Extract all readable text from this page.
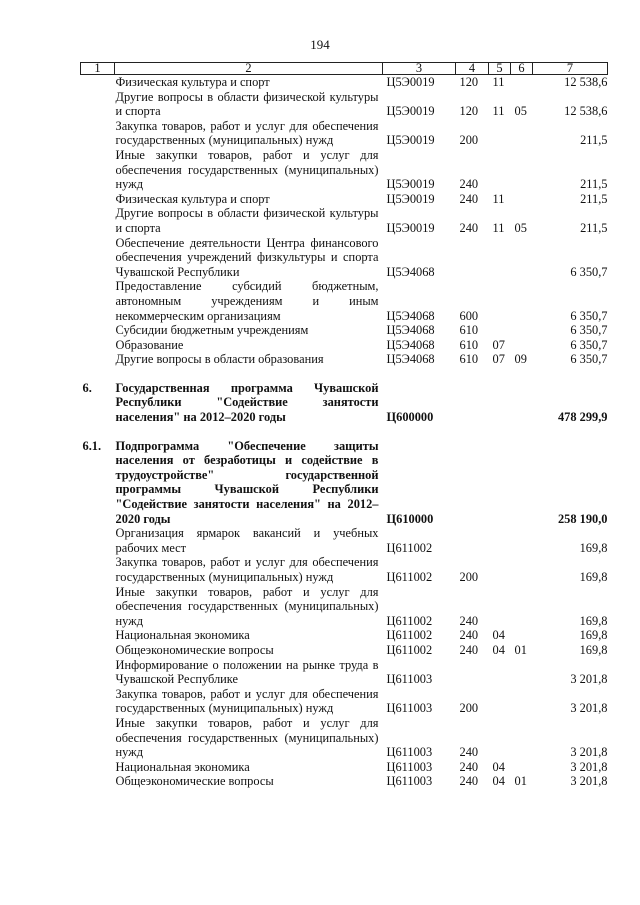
194
1	2	3	4	5	6	7
	Физическая культура и спорт	Ц5Э0019	120	11		12 538,6
	Другие вопросы в области физической культуры и спорта	Ц5Э0019	120	11	05	12 538,6
	Закупка товаров, работ и услуг для обеспечения государственных (муниципальных) нужд	Ц5Э0019	200			211,5
	Иные закупки товаров, работ и услуг для обеспечения государственных (муниципальных) нужд	Ц5Э0019	240			211,5
	Физическая культура и спорт	Ц5Э0019	240	11		211,5
	Другие вопросы в области физической культуры и спорта	Ц5Э0019	240	11	05	211,5
	Обеспечение деятельности Центра финансового обеспечения учреждений физкультуры и спорта Чувашской Республики	Ц5Э4068				6 350,7
	Предоставление субсидий бюджетным, автономным учреждениям и иным некоммерческим организациям	Ц5Э4068	600			6 350,7
	Субсидии бюджетным учреждениям	Ц5Э4068	610			6 350,7
	Образование	Ц5Э4068	610	07		6 350,7
	Другие вопросы в области образования	Ц5Э4068	610	07	09	6 350,7

6.	Государственная программа Чувашской Республики "Содействие занятости населения" на 2012–2020 годы	Ц600000				478 299,9

6.1.	Подпрограмма "Обеспечение защиты населения от безработицы и содействие в трудоустройстве" государственной программы Чувашской Республики "Содействие занятости населения" на 2012–2020 годы	Ц610000				258 190,0
	Организация ярмарок вакансий и учебных рабочих мест	Ц611002				169,8
	Закупка товаров, работ и услуг для обеспечения государственных (муниципальных) нужд	Ц611002	200			169,8
	Иные закупки товаров, работ и услуг для обеспечения государственных (муниципальных) нужд	Ц611002	240			169,8
	Национальная экономика	Ц611002	240	04		169,8
	Общеэкономические вопросы	Ц611002	240	04	01	169,8
	Информирование о положении на рынке труда в Чувашской Республике	Ц611003				3 201,8
	Закупка товаров, работ и услуг для обеспечения государственных (муниципальных) нужд	Ц611003	200			3 201,8
	Иные закупки товаров, работ и услуг для обеспечения государственных (муниципальных) нужд	Ц611003	240			3 201,8
	Национальная экономика	Ц611003	240	04		3 201,8
	Общеэкономические вопросы	Ц611003	240	04	01	3 201,8
